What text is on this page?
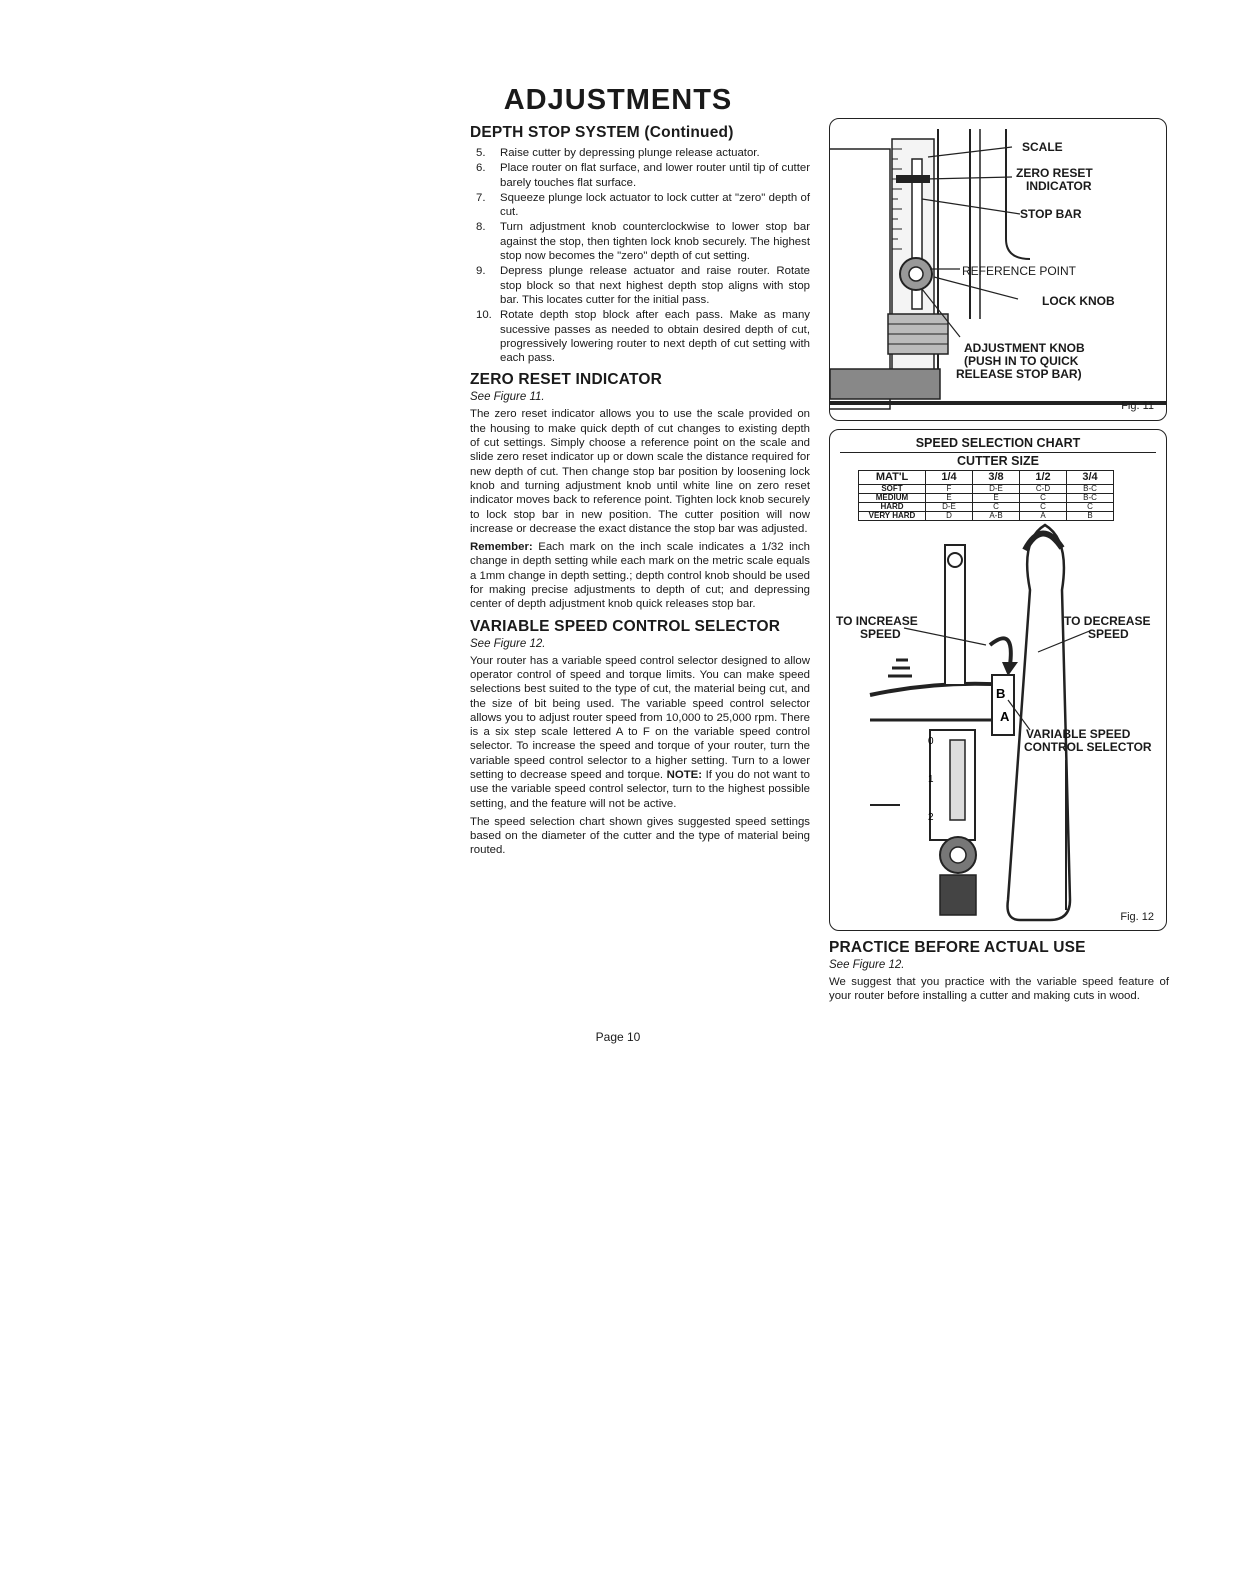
ADJUSTMENTS
DEPTH STOP SYSTEM (Continued)
5.	Raise cutter by depressing plunge release actuator.
6.	Place router on flat surface, and lower router until tip of cutter barely touches flat surface.
7.	Squeeze plunge lock actuator to lock cutter at "zero" depth of cut.
8.	Turn adjustment knob counterclockwise to lower stop bar against the stop, then tighten lock knob securely. The highest stop now becomes the "zero" depth of cut setting.
9.	Depress plunge release actuator and raise router. Rotate stop block so that next highest depth stop aligns with stop bar. This locates cutter for the initial pass.
10. Rotate depth stop block after each pass. Make as many sucessive passes as needed to obtain desired depth of cut, progressively lowering router to next depth of cut setting with each pass.
ZERO RESET INDICATOR
See Figure 11.

The zero reset indicator allows you to use the scale provided on the housing to make quick depth of cut changes to existing depth of cut settings. Simply choose a reference point on the scale and slide zero reset indicator up or down scale the distance required for new depth of cut. Then change stop bar position by loosening lock knob and turning adjustment knob until white line on zero reset indicator moves back to reference point. Tighten lock knob securely to lock stop bar in new position. The cutter position will now increase or decrease the exact distance the stop bar was adjusted.

Remember: Each mark on the inch scale indicates a 1/32 inch change in depth setting while each mark on the metric scale equals a 1mm change in depth setting.; depth control knob should be used for making precise adjustments to depth of cut; and depressing center of depth adjustment knob quick releases stop bar.

VARIABLE SPEED CONTROL SELECTOR
See Figure 12.

Your router has a variable speed control selector designed to allow operator control of speed and torque limits. You can make speed selections best suited to the type of cut, the material being cut, and the size of bit being used. The variable speed control selector allows you to adjust router speed from 10,000 to 25,000 rpm. There is a six step scale lettered A to F on the variable speed control selector. To increase the speed and torque of your router, turn the variable speed control selector to a higher setting. Turn to a lower setting to decrease speed and torque. NOTE: If you do not want to use the variable speed control selector, turn to the highest possible setting, and the feature will not be active.

The speed selection chart shown gives suggested speed settings based on the diameter of the cutter and the type of material being routed.

SCALE
ZERO RESET
INDICATOR
STOP BAR
REFERENCE POINT
LOCK KNOB
ADJUSTMENT KNOB
(PUSH IN TO QUICK
RELEASE STOP BAR)
Fig. 11
SPEED SELECTION CHART
CUTTER SIZE
MAT'L	1/4	3/8	1/2	3/4
SOFT	F	D-E	C-D	B-C
MEDIUM	E	E	C	B-C
HARD	D-E	C	C	C
VERY HARD	D	A-B	A	B
B
A
0
1
2
TO INCREASE
SPEED
TO DECREASE
SPEED
VARIABLE SPEED
CONTROL SELECTOR
Fig. 12
PRACTICE BEFORE ACTUAL USE
See Figure 12.

We suggest that you practice with the variable speed feature of your router before installing a cutter and making cuts in wood.

Page 10
